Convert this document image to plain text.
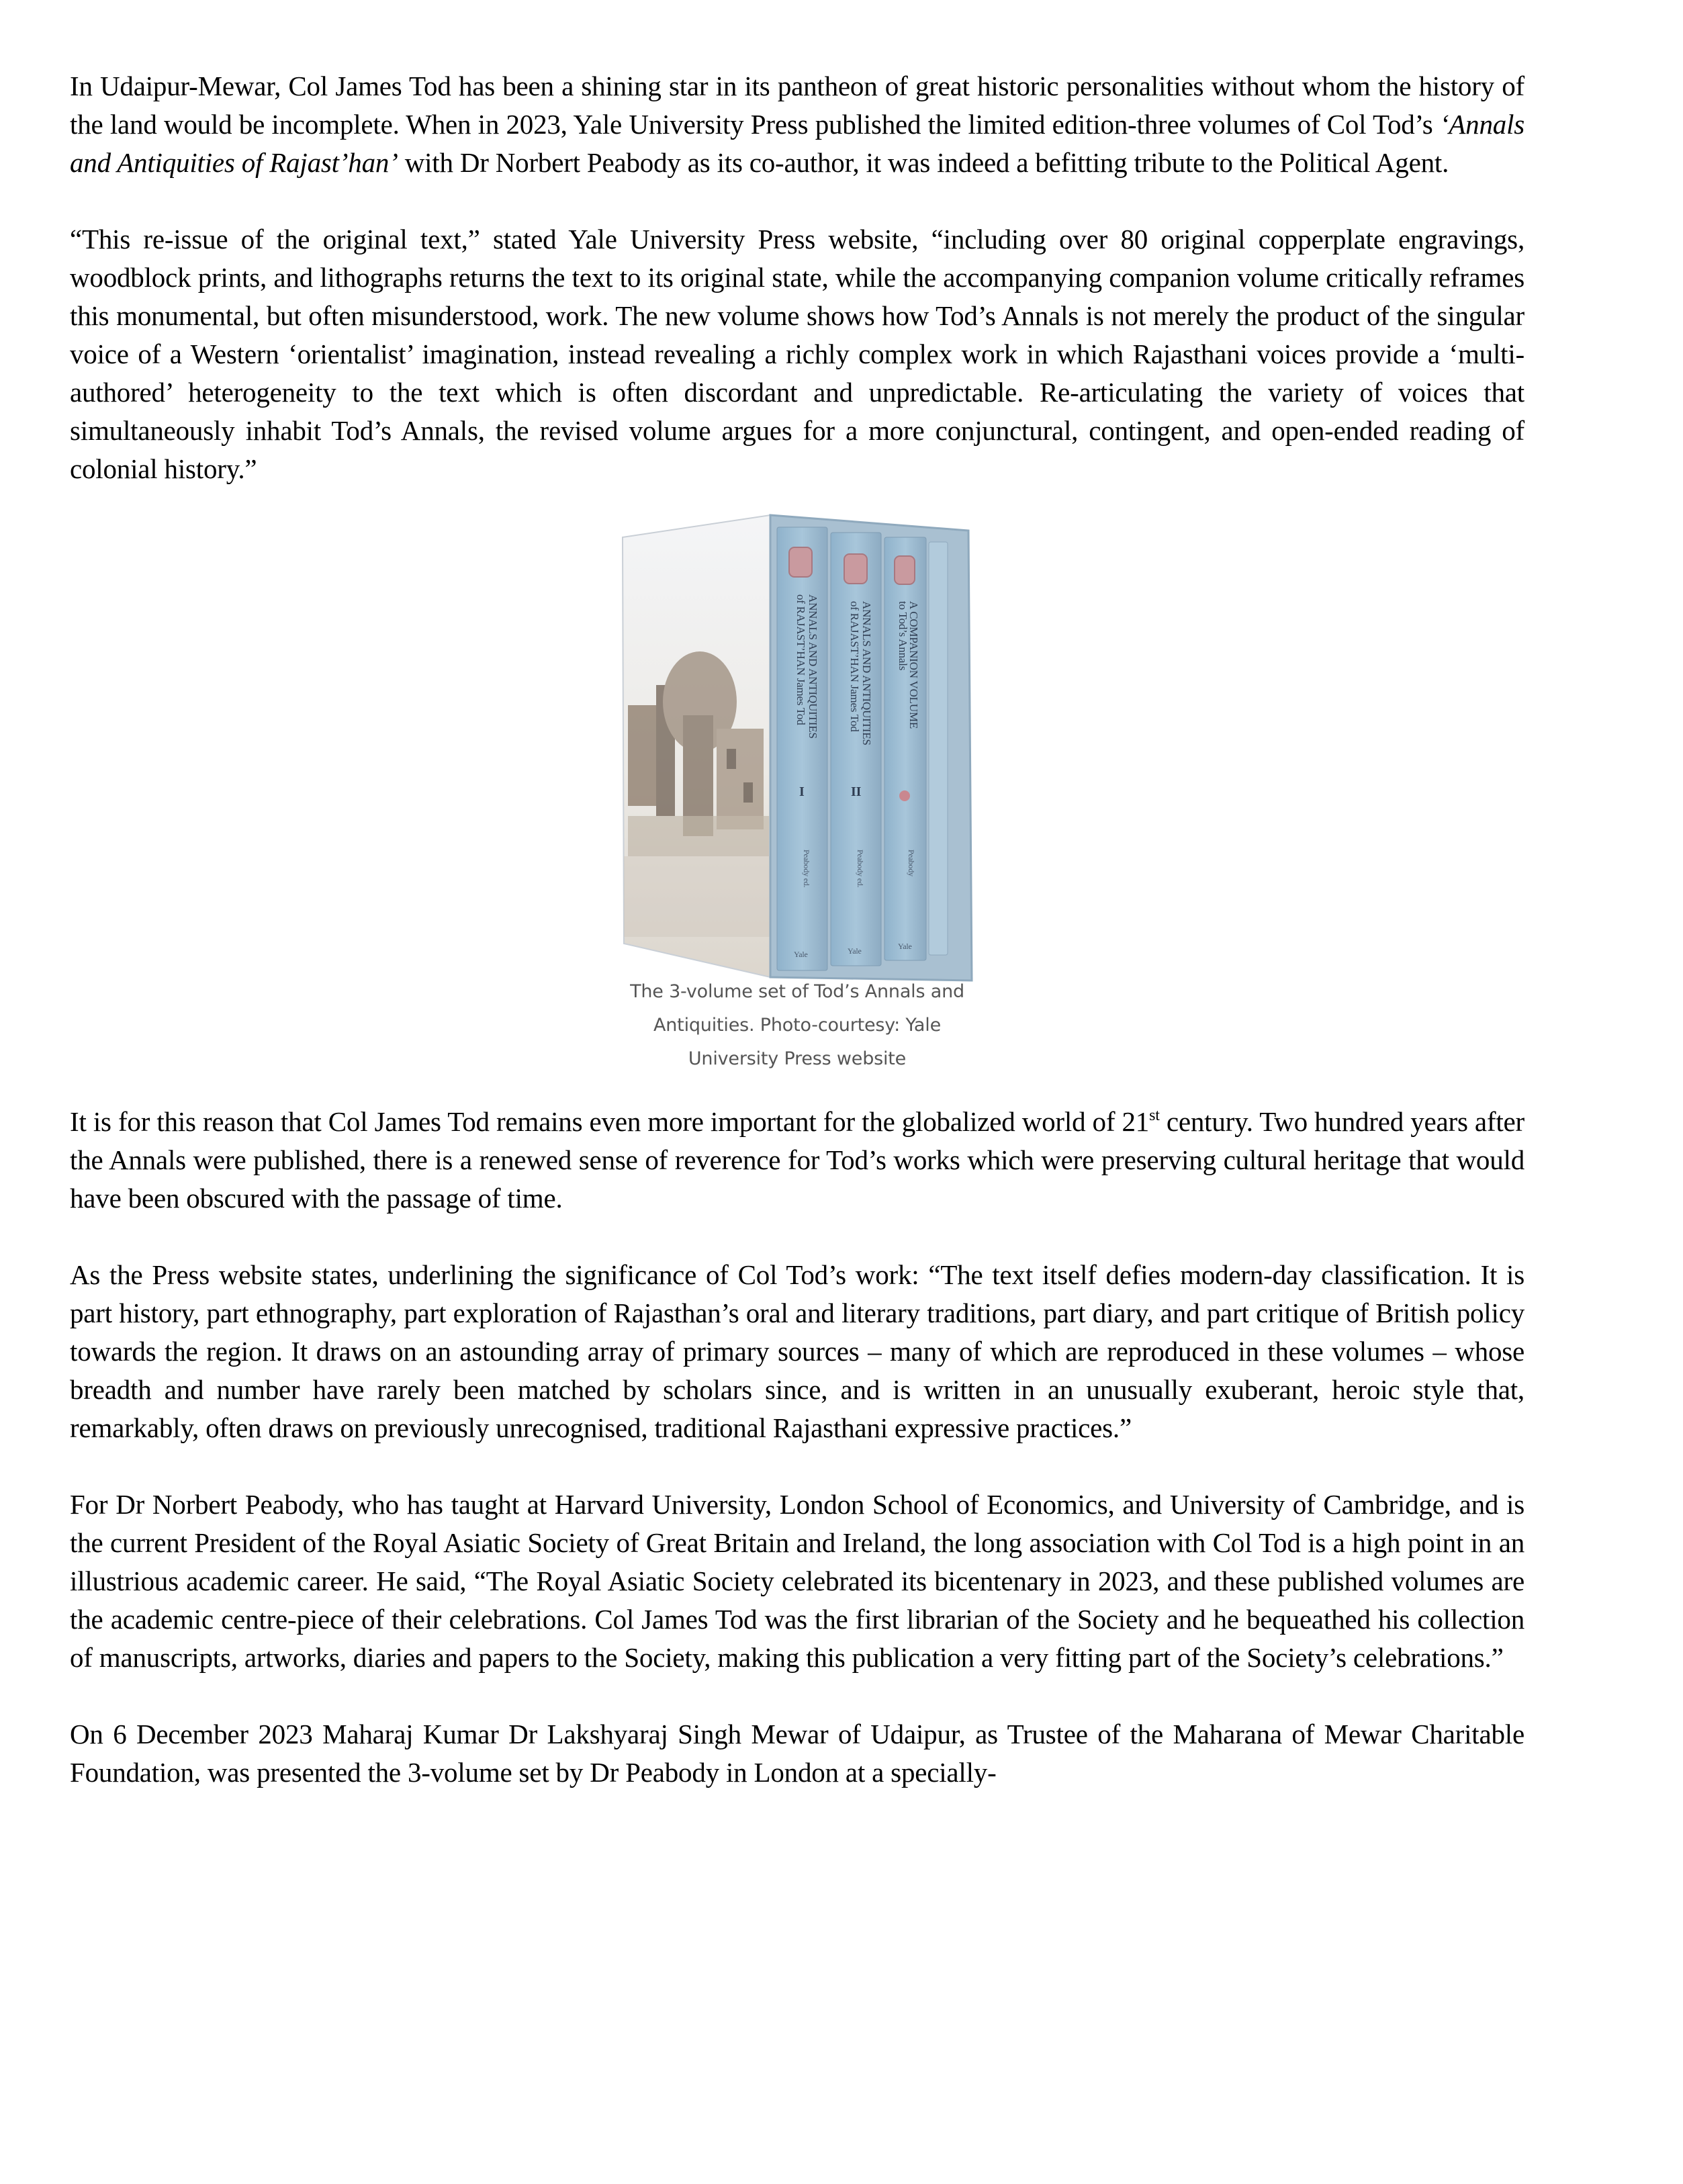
In Udaipur-Mewar, Col James Tod has been a shining star in its pantheon of great historic personalities without whom the history of the land would be incomplete. When in 2023, Yale University Press published the limited edition-three volumes of Col Tod’s ‘Annals and Antiquities of Rajast’han’ with Dr Norbert Peabody as its co-author, it was indeed a befitting tribute to the Political Agent.

“This re-issue of the original text,” stated Yale University Press website, “including over 80 original copperplate engravings, woodblock prints, and lithographs returns the text to its original state, while the accompanying companion volume critically reframes this monumental, but often misunderstood, work. The new volume shows how Tod’s Annals is not merely the product of the singular voice of a Western ‘orientalist’ imagination, instead revealing a richly complex work in which Rajasthani voices provide a ‘multi-authored’ heterogeneity to the text which is often discordant and unpredictable. Re-articulating the variety of voices that simultaneously inhabit Tod’s Annals, the revised volume argues for a more conjunctural, contingent, and open-ended reading of colonial history.”

ANNALS AND ANTIQUITIES
of RAJAST’HAN James Tod	ANNALS AND ANTIQUITIES
of RAJAST’HAN James Tod	A COMPANION VOLUME
to Tod’s Annals
I	II
Peabody ed.	Peabody ed.	Peabody
Yale	Yale	Yale
The 3-volume set of Tod’s Annals and
Antiquities. Photo-courtesy: Yale
University Press website

It is for this reason that Col James Tod remains even more important for the globalized world of 21st century. Two hundred years after the Annals were published, there is a renewed sense of reverence for Tod’s works which were preserving cultural heritage that would have been obscured with the passage of time.

As the Press website states, underlining the significance of Col Tod’s work: “The text itself defies modern-day classification. It is part history, part ethnography, part exploration of Rajasthan’s oral and literary traditions, part diary, and part critique of British policy towards the region. It draws on an astounding array of primary sources – many of which are reproduced in these volumes – whose breadth and number have rarely been matched by scholars since, and is written in an unusually exuberant, heroic style that, remarkably, often draws on previously unrecognised, traditional Rajasthani expressive practices.”

For Dr Norbert Peabody, who has taught at Harvard University, London School of Economics, and University of Cambridge, and is the current President of the Royal Asiatic Society of Great Britain and Ireland, the long association with Col Tod is a high point in an illustrious academic career. He said, “The Royal Asiatic Society celebrated its bicentenary in 2023, and these published volumes are the academic centre-piece of their celebrations. Col James Tod was the first librarian of the Society and he bequeathed his collection of manuscripts, artworks, diaries and papers to the Society, making this publication a very fitting part of the Society’s celebrations.”

On 6 December 2023 Maharaj Kumar Dr Lakshyaraj Singh Mewar of Udaipur, as Trustee of the Maharana of Mewar Charitable Foundation, was presented the 3-volume set by Dr Peabody in London at a specially-
